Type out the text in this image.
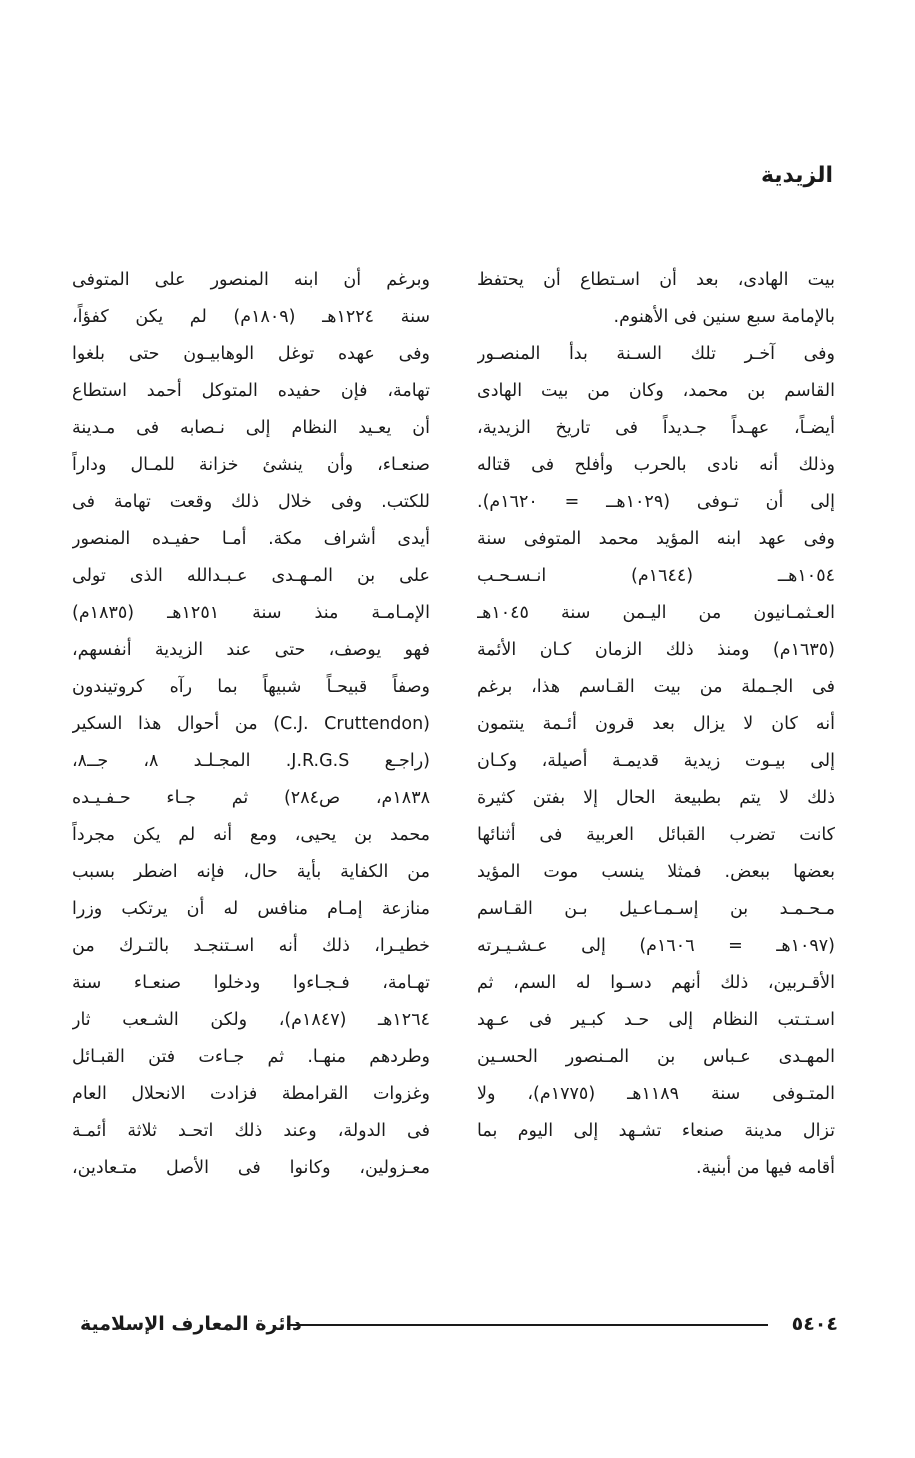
الزيدية
بيت الهادى، بعد أن اسـتطاع أن يحتفظ
بالإمامة سبع سنين فى الأهنوم.
وفى آخـر تلك السـنة بدأ المنصـور
القاسم بن محمد، وكان من بيت الهادى
أيضـاً، عهـداً جـديداً فى تاريخ الزيدية،
وذلك أنه نادى بالحرب وأفلح فى قتاله
إلى أن تـوفى (١٠٢٩هــ = ١٦٢٠م).
وفى عهد ابنه المؤيد محمد المتوفى سنة
١٠٥٤هــ (١٦٤٤م) انـسـحـب
العـثمـانيون من اليـمن سنة ١٠٤٥هـ
(١٦٣٥م) ومنذ ذلك الزمان كـان الأئمة
فى الجـملة من بيت القـاسم هذا، برغم
أنه كان لا يزال بعد قرون أئـمة ينتمون
إلى بيـوت زيدية قديمـة أصيلة، وكـان
ذلك لا يتم بطبيعة الحال إلا بفتن كثيرة
كانت تضرب القبائل العربية فى أثنائها
بعضها ببعض. فمثلا ينسب موت المؤيد
مـحـمـد بن إسـمـاعـيل بـن القـاسم
(١٠٩٧هـ = ١٦٠٦م) إلى عـشـيـرته
الأقـربين، ذلك أنهم دسـوا له السم، ثم
اسـتـتب النظام إلى حـد كبـير فى عـهد
المهـدى عـباس بن المـنصور الحسـين
المتـوفى سنة ١١٨٩هـ (١٧٧٥م)، ولا
تزال مدينة صنعاء تشـهد إلى اليوم بما
أقامه فيها من أبنية.
وبرغم أن ابنه المنصور على المتوفى
سنة ١٢٢٤هـ (١٨٠٩م) لم يكن كفؤاً،
وفى عهده توغل الوهابيـون حتى بلغوا
تهامة، فإن حفيده المتوكل أحمد استطاع
أن يعـيد النظام إلى نـصابه فى مـدينة
صنعـاء، وأن ينشئ خزانة للمـال وداراً
للكتب. وفى خلال ذلك وقعت تهامة فى
أيدى أشراف مكة. أمـا حفيـده المنصور
على بن المـهـدى عـبـدالله الذى تولى
الإمـامـة منذ سنة ١٢٥١هـ (١٨٣٥م)
فهو يوصف، حتى عند الزيدية أنفسهم،
وصفاً قبيحـاً شبيهاً بما رآه كروتيندون
(C.J. Cruttendon) من أحوال هذا السكير
(راجـع J.R.G.S. المجـلـد ٨، جــ٨،
١٨٣٨م، ص٢٨٤) ثم جـاء حـفـيـده
محمد بن يحيى، ومع أنه لم يكن مجرداً
من الكفاية بأية حال، فإنه اضطر بسبب
منازعة إمـام منافس له أن يرتكب وزرا
خطيـرا، ذلك أنه اسـتنجـد بالتـرك من
تهـامة، فـجـاءوا ودخلوا صنعـاء سنة
١٢٦٤هـ (١٨٤٧م)، ولكن الشـعب ثار
وطردهم منهـا. ثم جـاءت فتن القبـائل
وغزوات القرامطة فزادت الانحلال العام
فى الدولة، وعند ذلك اتحـد ثلاثة أئمـة
معـزولين، وكانوا فى الأصل متـعادين،
٥٤٠٤
دائرة المعارف الإسلامية
